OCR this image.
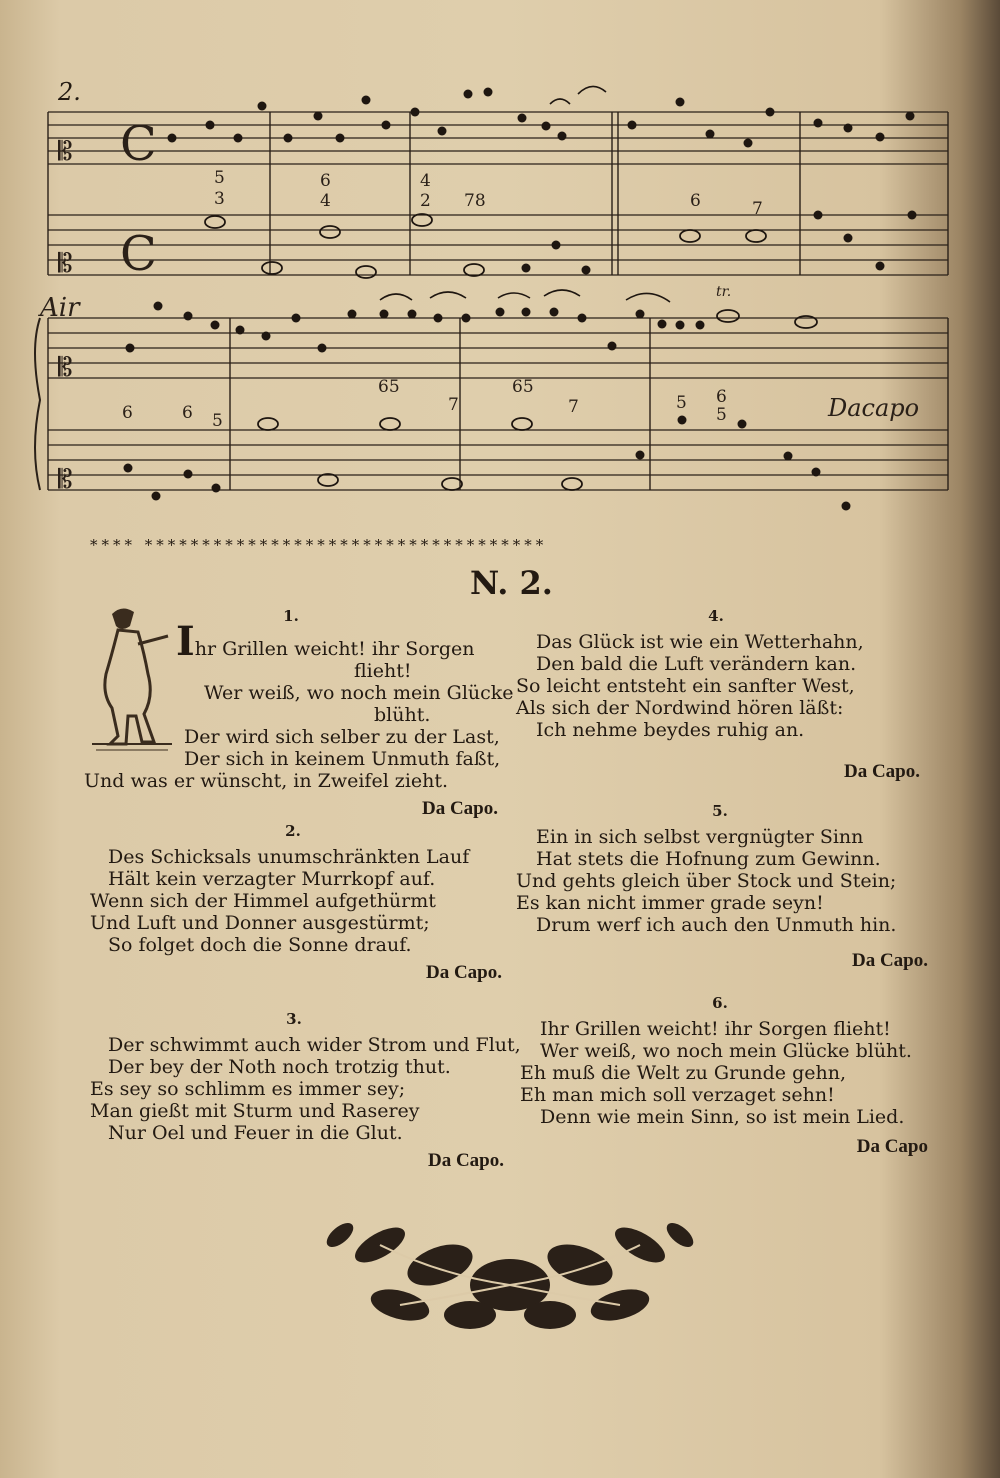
2.
𝄡
𝄡
𝄡
𝄡
C
C
5
3
6
4
4
2 78	6	7
6	6 5
65
7
65
7	5 6
5
Air
tr.
Dacapo
**** ***********************************
N. 2.
1.
Ihr Grillen weicht! ihr Sorgen
flieht!
Wer weiß, wo noch mein Glücke
blüht.
Der wird sich selber zu der Last,
Der sich in keinem Unmuth faßt,
Und was er wünscht, in Zweifel zieht.
Da Capo.
2.
Des Schicksals unumschränkten Lauf
Hält kein verzagter Murrkopf auf.
Wenn sich der Himmel aufgethürmt
Und Luft und Donner ausgestürmt;
So folget doch die Sonne drauf.
Da Capo.
3.
Der schwimmt auch wider Strom und Flut,
Der bey der Noth noch trotzig thut.
Es sey so schlimm es immer sey;
Man gießt mit Sturm und Raserey
Nur Oel und Feuer in die Glut.
Da Capo.
4.
Das Glück ist wie ein Wetterhahn,
Den bald die Luft verändern kan.
So leicht entsteht ein sanfter West,
Als sich der Nordwind hören läßt:
Ich nehme beydes ruhig an.
Da Capo.
5.
Ein in sich selbst vergnügter Sinn
Hat stets die Hofnung zum Gewinn.
Und gehts gleich über Stock und Stein;
Es kan nicht immer grade seyn!
Drum werf ich auch den Unmuth hin.
Da Capo.
6.
Ihr Grillen weicht! ihr Sorgen flieht!
Wer weiß, wo noch mein Glücke blüht.
Eh muß die Welt zu Grunde gehn,
Eh man mich soll verzaget sehn!
Denn wie mein Sinn, so ist mein Lied.
Da Capo
